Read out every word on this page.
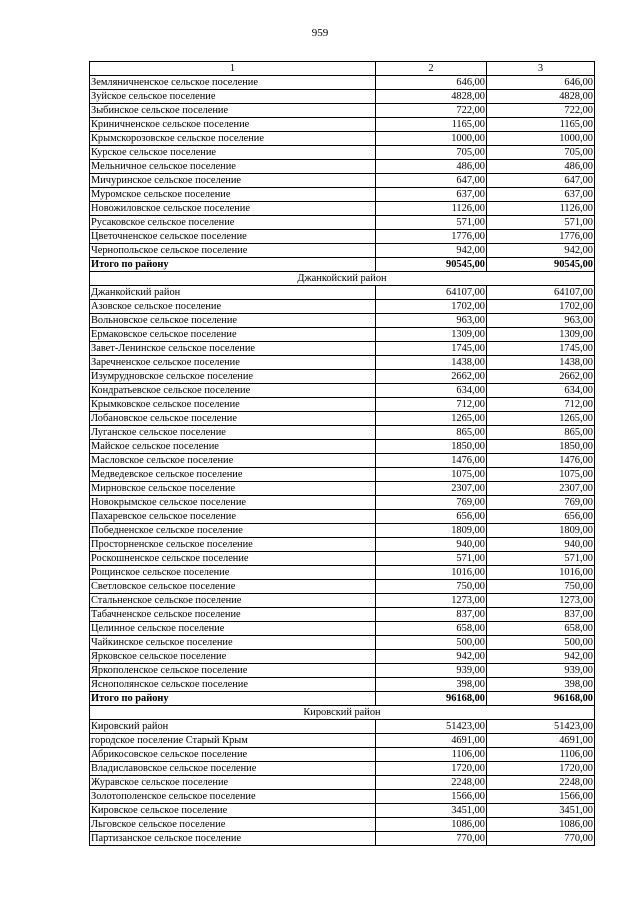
959
1	2	3
Земляничненское сельское поселение	646,00	646,00
Зуйское сельское поселение	4828,00	4828,00
Зыбинское сельское поселение	722,00	722,00
Криничненское сельское поселение	1165,00	1165,00
Крымскорозовское сельское поселение	1000,00	1000,00
Курское сельское поселение	705,00	705,00
Мельничное сельское поселение	486,00	486,00
Мичуринское сельское поселение	647,00	647,00
Муромское сельское поселение	637,00	637,00
Новожиловское сельское поселение	1126,00	1126,00
Русаковское сельское поселение	571,00	571,00
Цветочненское сельское поселение	1776,00	1776,00
Чернопольское сельское поселение	942,00	942,00
Итого по району	90545,00	90545,00
Джанкойский район		
Джанкойский район	64107,00	64107,00
Азовское сельское поселение	1702,00	1702,00
Вольновское сельское поселение	963,00	963,00
Ермаковское сельское поселение	1309,00	1309,00
Завет-Ленинское сельское поселение	1745,00	1745,00
Заречненское сельское поселение	1438,00	1438,00
Изумрудновское сельское поселение	2662,00	2662,00
Кондратьевское сельское поселение	634,00	634,00
Крымковское сельское поселение	712,00	712,00
Лобановское сельское поселение	1265,00	1265,00
Луганское сельское поселение	865,00	865,00
Майское сельское поселение	1850,00	1850,00
Масловское сельское поселение	1476,00	1476,00
Медведевское сельское поселение	1075,00	1075,00
Мирновское сельское поселение	2307,00	2307,00
Новокрымское сельское поселение	769,00	769,00
Пахаревское сельское поселение	656,00	656,00
Победненское сельское поселение	1809,00	1809,00
Просторненское сельское поселение	940,00	940,00
Роскошненское сельское поселение	571,00	571,00
Рощинское сельское поселение	1016,00	1016,00
Светловское сельское поселение	750,00	750,00
Стальненское сельское поселение	1273,00	1273,00
Табачненское сельское поселение	837,00	837,00
Целинное сельское поселение	658,00	658,00
Чайкинское сельское поселение	500,00	500,00
Ярковское сельское поселение	942,00	942,00
Яркополенское сельское поселение	939,00	939,00
Яснополянское сельское поселение	398,00	398,00
Итого по району	96168,00	96168,00
Кировский район		
Кировский район	51423,00	51423,00
городское поселение Старый Крым	4691,00	4691,00
Абрикосовское сельское поселение	1106,00	1106,00
Владиславовское сельское поселение	1720,00	1720,00
Журавское сельское поселение	2248,00	2248,00
Золотополенское сельское поселение	1566,00	1566,00
Кировское сельское поселение	3451,00	3451,00
Льговское сельское поселение	1086,00	1086,00
Партизанское сельское поселение	770,00	770,00
